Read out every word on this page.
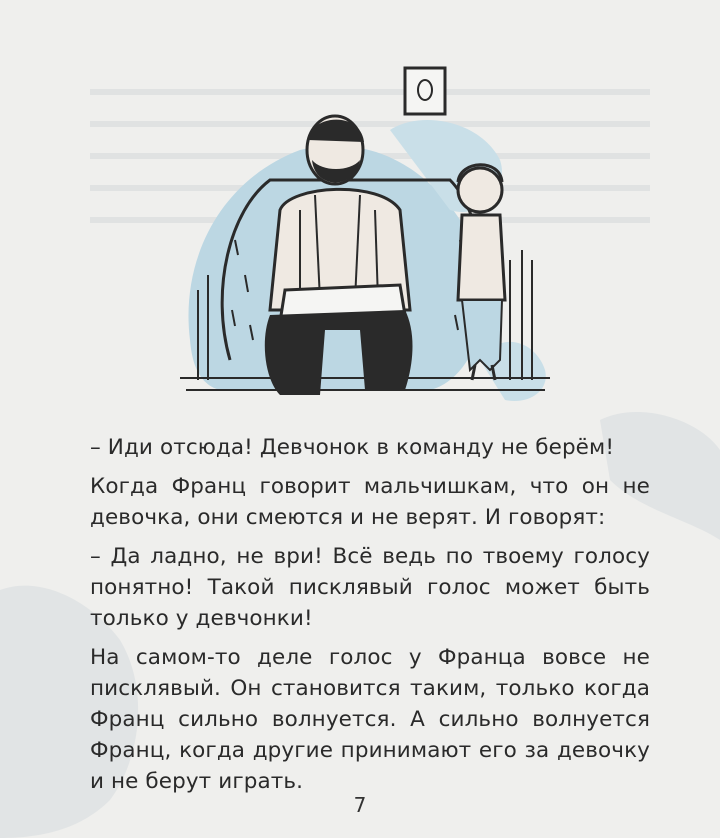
– Иди отсюда! Девчонок в команду не берём!

Когда Франц говорит мальчишкам, что он не девочка, они смеются и не верят. И говорят:

– Да ладно, не ври! Всё ведь по твоему голосу понятно! Такой писклявый голос может быть только у девчонки!

На самом-то деле голос у Франца вовсе не писклявый. Он становится таким, только когда Франц сильно волнуется. А сильно волнуется Франц, когда другие принимают его за девочку и не берут играть.

7
